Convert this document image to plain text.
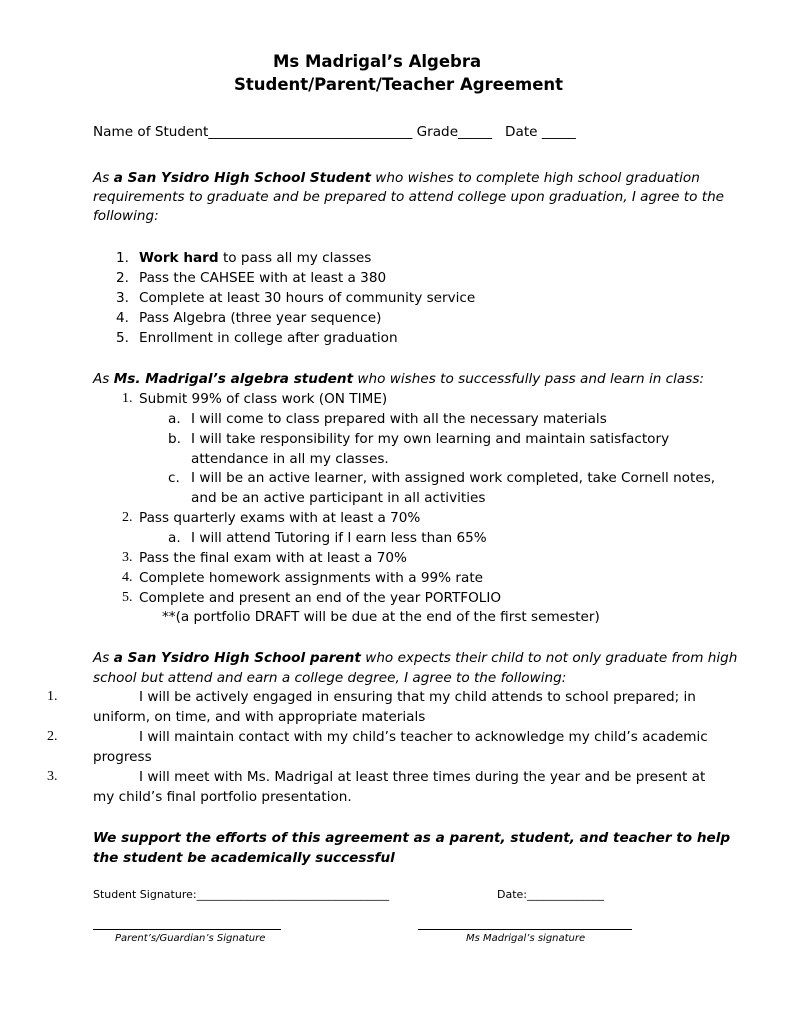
Ms Madrigal’s Algebra
Student/Parent/Teacher Agreement
Name of Student______________________________ Grade_____ Date _____
As a San Ysidro High School Student who wishes to complete high school graduation
requirements to graduate and be prepared to attend college upon graduation, I agree to the
following:
1. Work hard to pass all my classes
2. Pass the CAHSEE with at least a 380
3. Complete at least 30 hours of community service
4. Pass Algebra (three year sequence)
5. Enrollment in college after graduation
As Ms. Madrigal’s algebra student who wishes to successfully pass and learn in class:
1. Submit 99% of class work (ON TIME)
a. I will come to class prepared with all the necessary materials
b. I will take responsibility for my own learning and maintain satisfactory
attendance in all my classes.
c. I will be an active learner, with assigned work completed, take Cornell notes,
and be an active participant in all activities
2. Pass quarterly exams with at least a 70%
a. I will attend Tutoring if I earn less than 65%
3. Pass the final exam with at least a 70%
4. Complete homework assignments with a 99% rate
5. Complete and present an end of the year PORTFOLIO
**(a portfolio DRAFT will be due at the end of the first semester)
As a San Ysidro High School parent who expects their child to not only graduate from high
school but attend and earn a college degree, I agree to the following:
1.	I will be actively engaged in ensuring that my child attends to school prepared; in
uniform, on time, and with appropriate materials
2.	I will maintain contact with my child’s teacher to acknowledge my child’s academic
progress
3.	I will meet with Ms. Madrigal at least three times during the year and be present at
my child’s final portfolio presentation.
We support the efforts of this agreement as a parent, student, and teacher to help
the student be academically successful
Student Signature:___________________________________	Date:______________
Parent’s/Guardian’s Signature	Ms Madrigal’s signature
